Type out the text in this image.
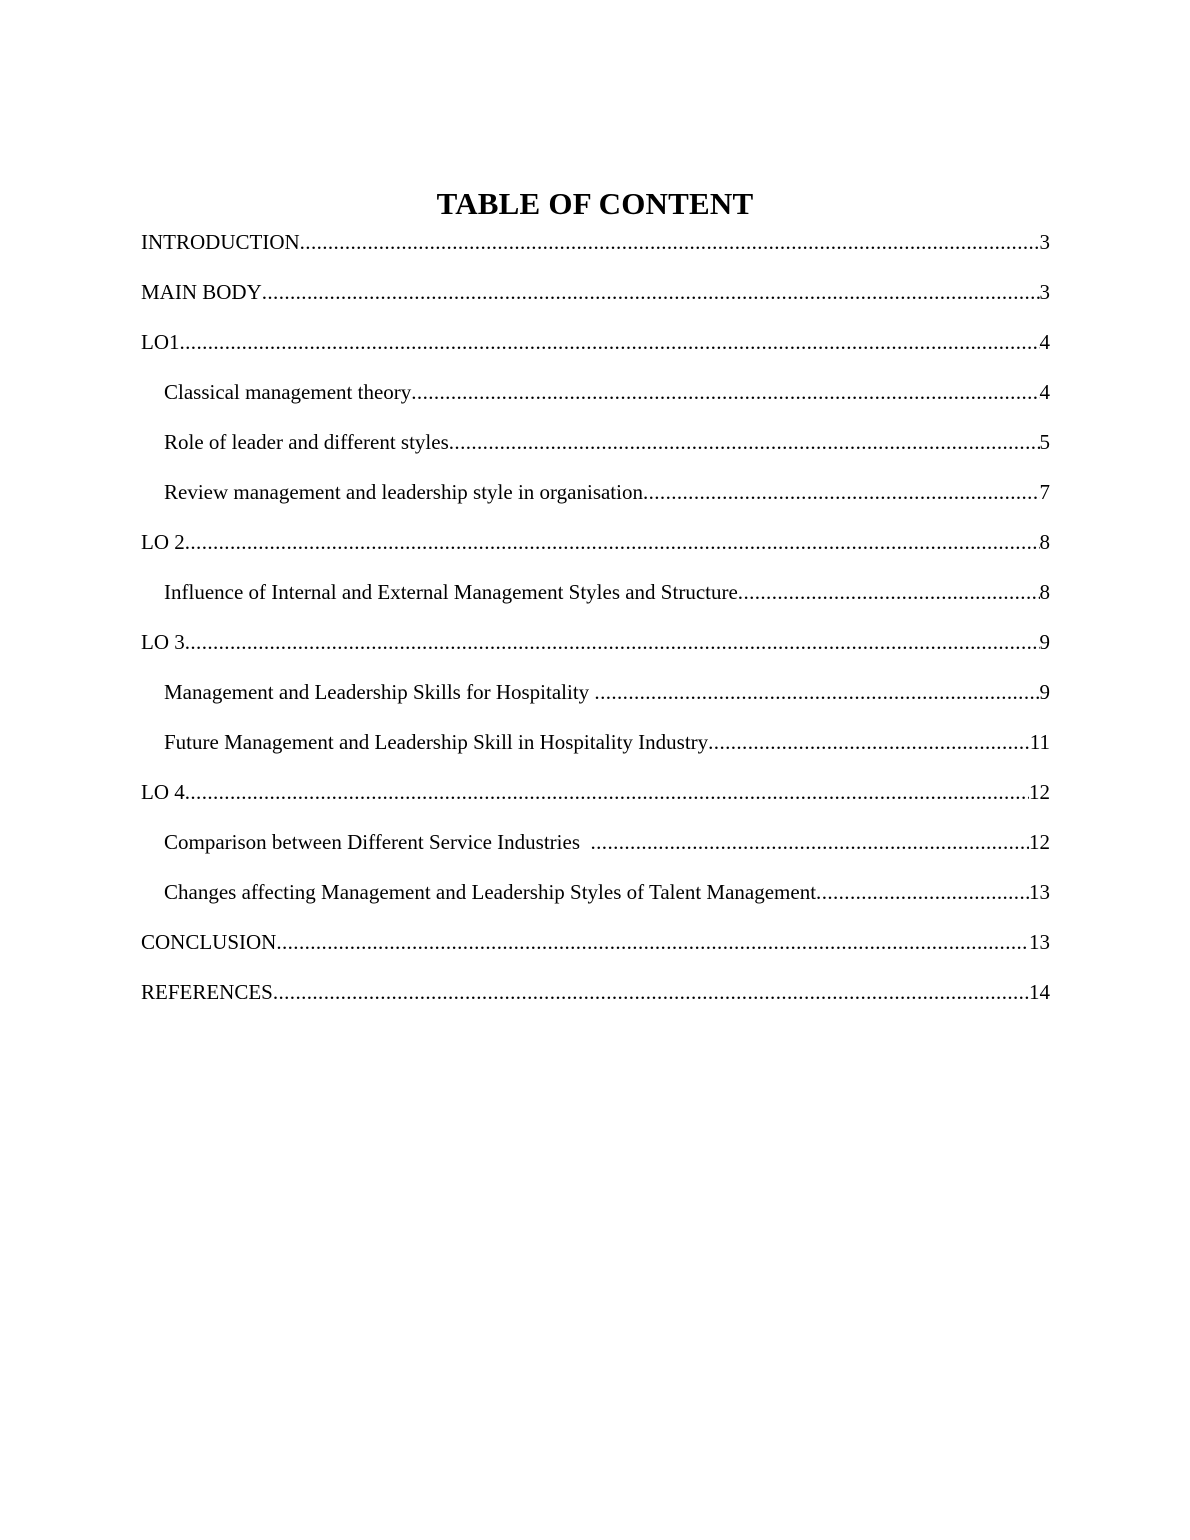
TABLE OF CONTENT
INTRODUCTION .....	3
MAIN BODY .....	3
LO1 .....	4
Classical management theory .....	4
Role of leader and different styles .....	5
Review management and leadership style in organisation .....	7
LO 2 .....	8
Influence of Internal and External Management Styles and Structure .....	8
LO 3 .....	9
Management and Leadership Skills for Hospitality .....	9
Future Management and Leadership Skill in Hospitality Industry .....	11
LO 4 .....	12
Comparison between Different Service Industries .....	12
Changes affecting Management and Leadership Styles of Talent Management .....	13
CONCLUSION .....	13
REFERENCES .....	14
